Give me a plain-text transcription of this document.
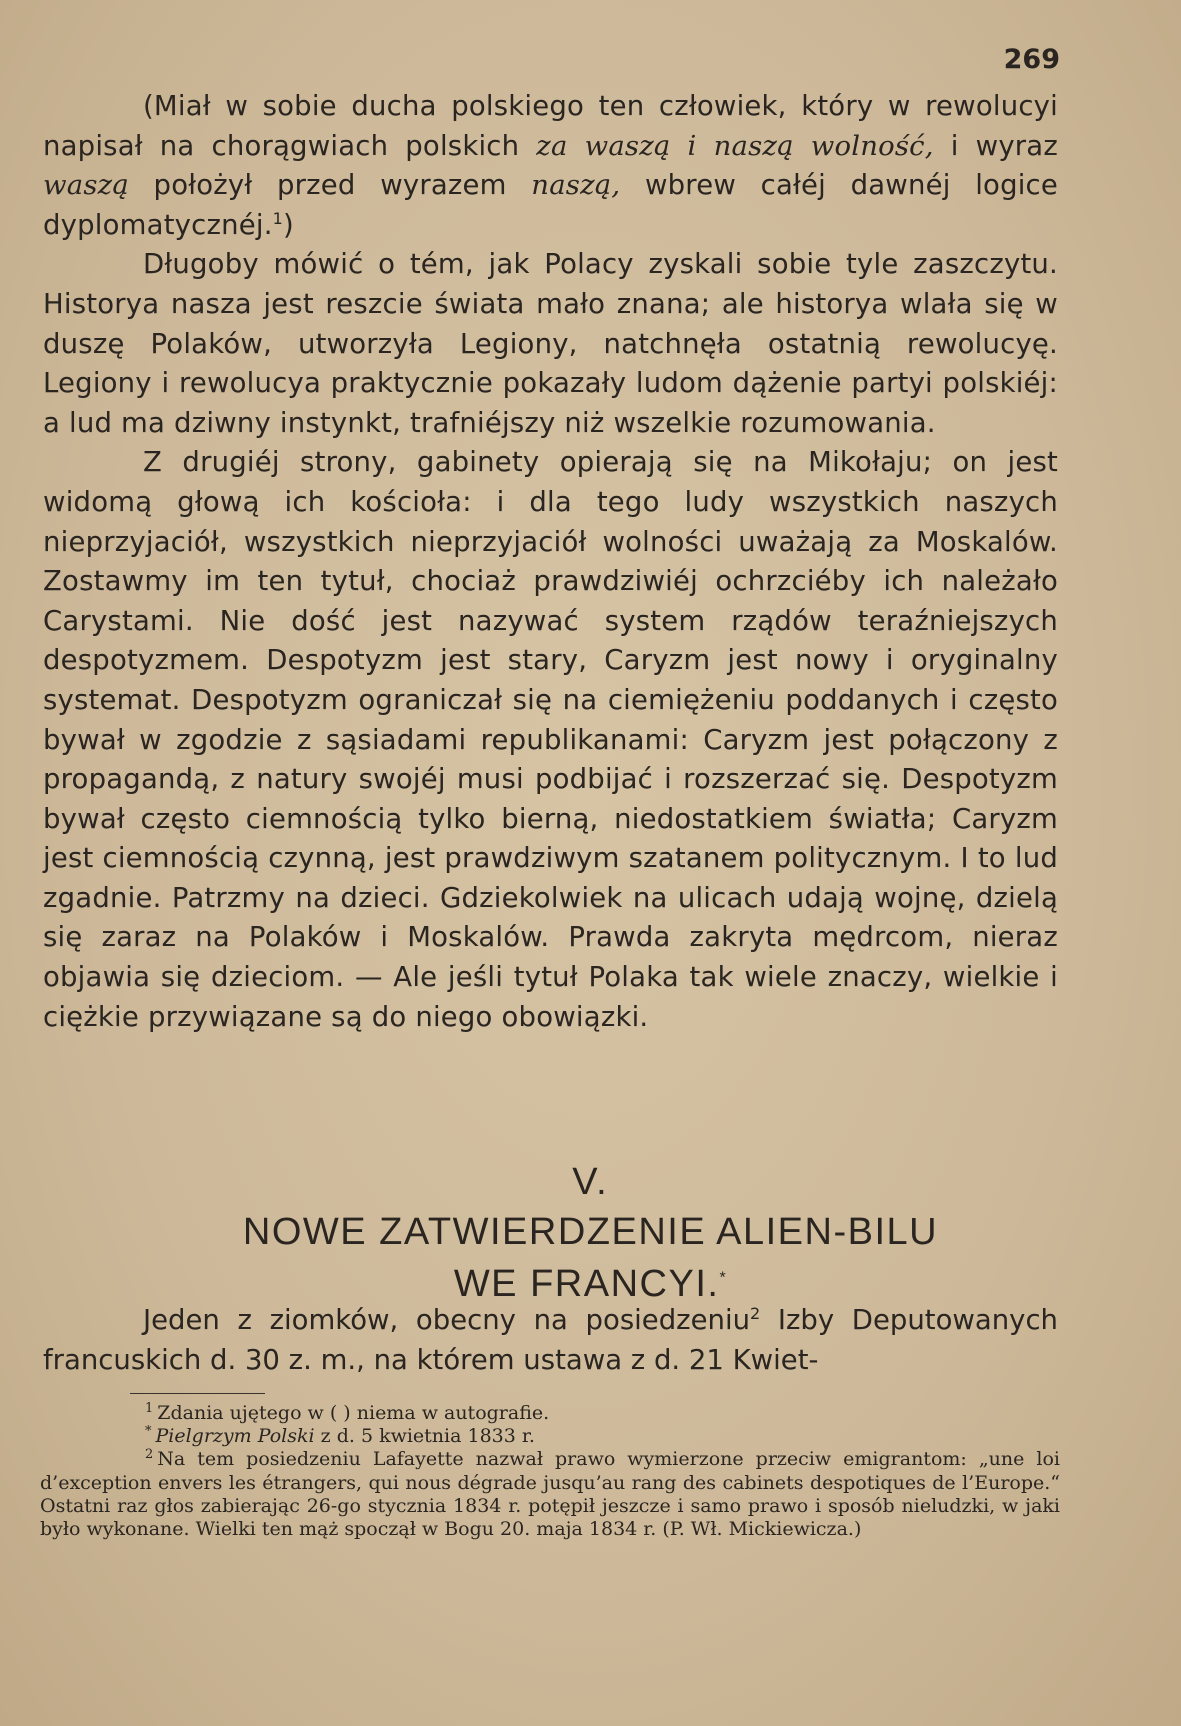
269

(Miał w sobie ducha polskiego ten człowiek, który w rewolucyi napisał na chorągwiach polskich za waszą i naszą wolność, i wyraz waszą położył przed wyrazem naszą, wbrew całéj dawnéj logice dyplomatycznéj.$^1$)

Długoby mówić o tém, jak Polacy zyskali sobie tyle zaszczytu. Historya nasza jest reszcie świata mało znana; ale historya wlała się w duszę Polaków, utworzyła Legiony, natchnęła ostatnią rewolucyę. Legiony i rewolucya praktycznie pokazały ludom dążenie partyi polskiéj: a lud ma dziwny instynkt, trafniéjszy niż wszelkie rozumowania.

Z drugiéj strony, gabinety opierają się na Mikołaju; on jest widomą głową ich kościoła: i dla tego ludy wszystkich naszych nieprzyjaciół, wszystkich nieprzyjaciół wolności uważają za Moskalów. Zostawmy im ten tytuł, chociaż prawdziwiéj ochrzciéby ich należało Carystami. Nie dość jest nazywać system rządów teraźniejszych despotyzmem. Despotyzm jest stary, Caryzm jest nowy i oryginalny systemat. Despotyzm ograniczał się na ciemiężeniu poddanych i często bywał w zgodzie z sąsiadami republikanami: Caryzm jest połączony z propagandą, z natury swojéj musi podbijać i rozszerzać się. Despotyzm bywał często ciemnością tylko bierną, niedostatkiem światła; Caryzm jest ciemnością czynną, jest prawdziwym szatanem politycznym. I to lud zgadnie. Patrzmy na dzieci. Gdziekolwiek na ulicach udają wojnę, dzielą się zaraz na Polaków i Moskalów. Prawda zakryta mędrcom, nieraz objawia się dzieciom. — Ale jeśli tytuł Polaka tak wiele znaczy, wielkie i ciężkie przywiązane są do niego obowiązki.

V.
NOWE ZATWIERDZENIE ALIEN-BILU
WE FRANCYI.*

Jeden z ziomków, obecny na posiedzeniu$^2$ Izby Deputowanych francuskich d. 30 z. m., na którem ustawa z d. 21 Kwiet-

$^1$ Zdania ujętego w ( ) niema w autografie.

* Pielgrzym Polski z d. 5 kwietnia 1833 r.

$^2$ Na tem posiedzeniu Lafayette nazwał prawo wymierzone przeciw emigrantom: „une loi d’exception envers les étrangers, qui nous dégrade jusqu’au rang des cabinets despotiques de l’Europe.“ Ostatni raz głos zabierając 26-go stycznia 1834 r. potępił jeszcze i samo prawo i sposób nieludzki, w jaki było wykonane. Wielki ten mąż spoczął w Bogu 20. maja 1834 r. (P. Wł. Mickiewicza.)
